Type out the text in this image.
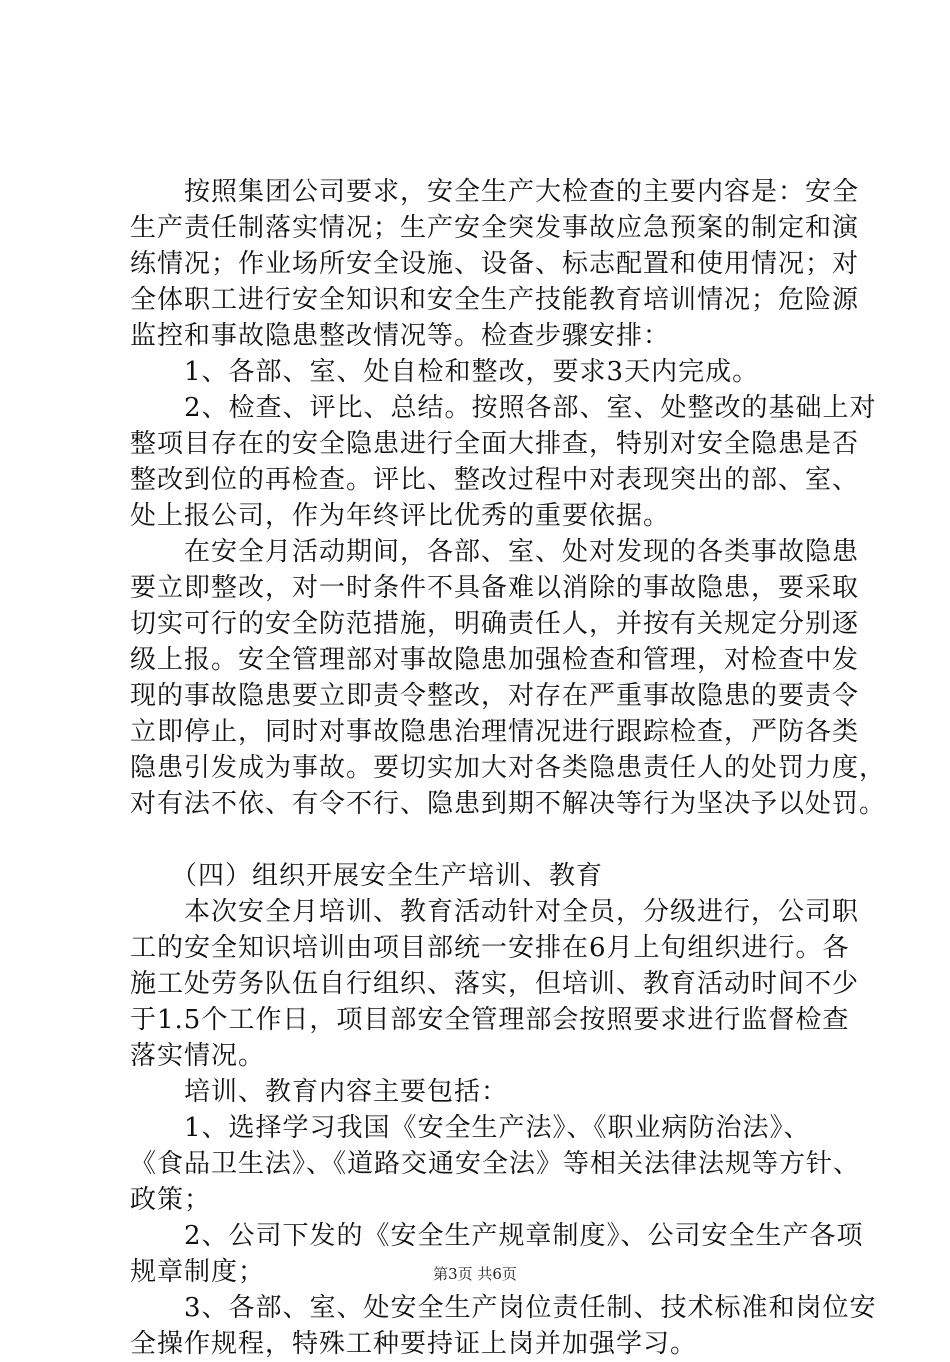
　　按照集团公司要求，安全生产大检查的主要内容是：安全
生产责任制落实情况；生产安全突发事故应急预案的制定和演
练情况；作业场所安全设施、设备、标志配置和使用情况；对
全体职工进行安全知识和安全生产技能教育培训情况；危险源
监控和事故隐患整改情况等。检查步骤安排：
　　1、各部、室、处自检和整改，要求3天内完成。
　　2、检查、评比、总结。按照各部、室、处整改的基础上对
整项目存在的安全隐患进行全面大排查，特别对安全隐患是否
整改到位的再检查。评比、整改过程中对表现突出的部、室、
处上报公司，作为年终评比优秀的重要依据。
　　在安全月活动期间，各部、室、处对发现的各类事故隐患
要立即整改，对一时条件不具备难以消除的事故隐患，要采取
切实可行的安全防范措施，明确责任人，并按有关规定分别逐
级上报。安全管理部对事故隐患加强检查和管理，对检查中发
现的事故隐患要立即责令整改，对存在严重事故隐患的要责令
立即停止，同时对事故隐患治理情况进行跟踪检查，严防各类
隐患引发成为事故。要切实加大对各类隐患责任人的处罚力度，
对有法不依、有令不行、隐患到期不解决等行为坚决予以处罚。
　　（四）组织开展安全生产培训、教育
　　本次安全月培训、教育活动针对全员，分级进行，公司职
工的安全知识培训由项目部统一安排在6月上旬组织进行。各
施工处劳务队伍自行组织、落实，但培训、教育活动时间不少
于1.5个工作日，项目部安全管理部会按照要求进行监督检查
落实情况。
　　培训、教育内容主要包括：
　　1、选择学习我国《安全生产法》、《职业病防治法》、
《食品卫生法》、《道路交通安全法》等相关法律法规等方针、
政策；
　　2、公司下发的《安全生产规章制度》、公司安全生产各项
规章制度；
　　3、各部、室、处安全生产岗位责任制、技术标准和岗位安
全操作规程，特殊工种要持证上岗并加强学习。
第3页 共6页
